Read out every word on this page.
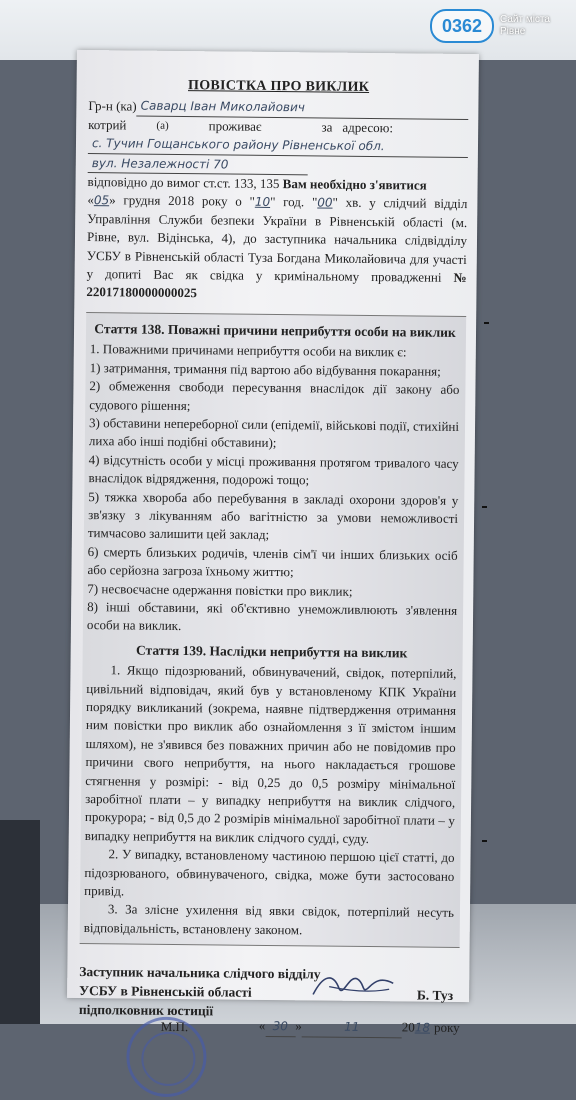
0362	Сайт міста
Рівне
ПОВІСТКА ПРО ВИКЛИК
Гр-н (ка) Саварц Іван Миколайович
котрий	(а)	проживає	за адресою:
с. Тучин Гощанського району Рівненської обл.
вул. Незалежності 70
відповідно до вимог ст.ст. 133, 135 Вам необхідно з'явитися
«05» грудня 2018 року о "10" год. "00" хв. у слідчий відділ Управління Служби безпеки України в Рівненській області (м. Рівне, вул. Відінська, 4), до заступника начальника слідвідділу УСБУ в Рівненській області Туза Богдана Миколайовича для участі у допиті Вас як свідка у кримінальному провадженні № 22017180000000025
Стаття 138. Поважні причини неприбуття особи на виклик
1. Поважними причинами неприбуття особи на виклик є:
1) затримання, тримання під вартою або відбування покарання;
2) обмеження свободи пересування внаслідок дії закону або судового рішення;
3) обставини непереборної сили (епідемії, військові події, стихійні лиха або інші подібні обставини);
4) відсутність особи у місці проживання протягом тривалого часу внаслідок відрядження, подорожі тощо;
5) тяжка хвороба або перебування в закладі охорони здоров'я у зв'язку з лікуванням або вагітністю за умови неможливості тимчасово залишити цей заклад;
6) смерть близьких родичів, членів сім'ї чи інших близьких осіб або серйозна загроза їхньому життю;
7) несвоєчасне одержання повістки про виклик;
8) інші обставини, які об'єктивно унеможливлюють з'явлення особи на виклик.
Стаття 139. Наслідки неприбуття на виклик
1. Якщо підозрюваний, обвинувачений, свідок, потерпілий, цивільний відповідач, який був у встановленому КПК України порядку викликаний (зокрема, наявне підтвердження отримання ним повістки про виклик або ознайомлення з її змістом іншим шляхом), не з'явився без поважних причин або не повідомив про причини свого неприбуття, на нього накладається грошове стягнення у розмірі: - від 0,25 до 0,5 розміру мінімальної заробітної плати – у випадку неприбуття на виклик слідчого, прокурора; - від 0,5 до 2 розмірів мінімальної заробітної плати – у випадку неприбуття на виклик слідчого судді, суду.
2. У випадку, встановленому частиною першою цієї статті, до підозрюваного, обвинуваченого, свідка, може бути застосовано привід.
3. За злісне ухилення від явки свідок, потерпілий несуть відповідальність, встановлену законом.
Заступник начальника слідчого відділу
УСБУ в Рівненській області
підполковник юстиції
Б. Туз
М.П.	« 30 »	11	2018 року
